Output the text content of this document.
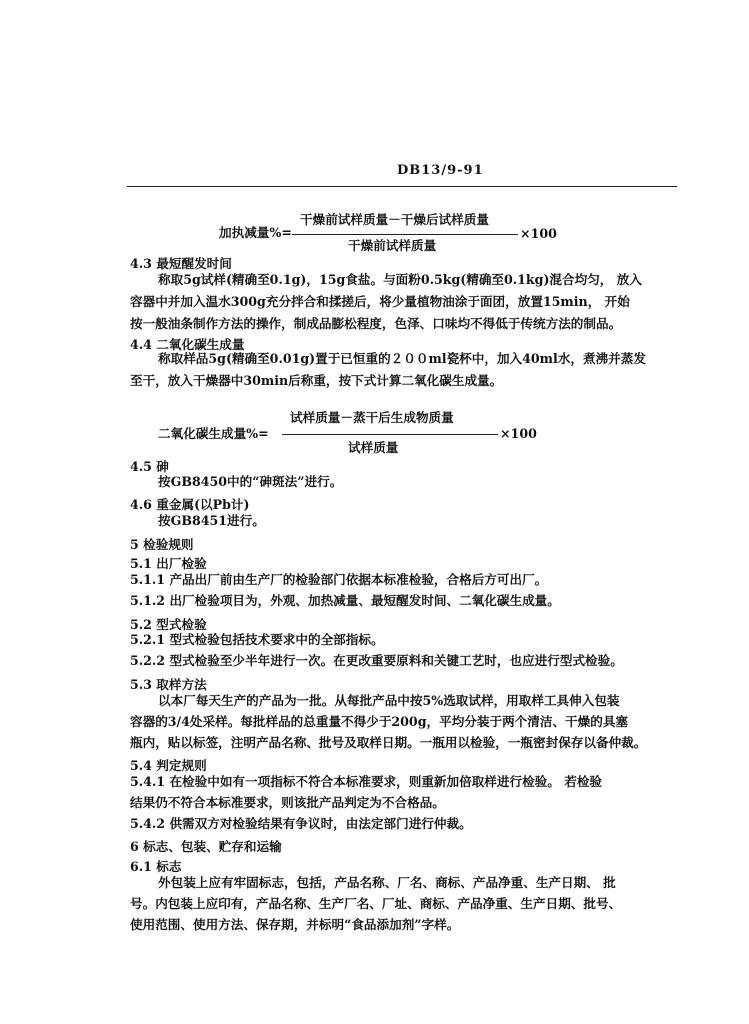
DB13/9-91
干燥前试样质量－干燥后试样质量
加执减量%=	×100
干燥前试样质量
4.3 最短醒发时间
称取5g试样(精确至0.1g)，15g食盐。与面粉0.5kg(精确至0.1kg)混合均匀， 放入
容器中并加入温水300g充分拌合和揉搓后，将少量植物油涂于面团，放置15min， 开始
按一般油条制作方法的操作，制成品膨松程度，色泽、口味均不得低于传统方法的制品。
4.4 二氧化碳生成量
称取样品5g(精确至0.01g)置于已恒重的２００ml瓷杯中，加入40ml水，煮沸并蒸发
至干，放入干燥器中30min后称重，按下式计算二氧化碳生成量。
试样质量－蒸干后生成物质量
二氧化碳生成量%=	×100
试样质量
4.5 砷
按GB8450中的“砷斑法”进行。
4.6 重金属(以Pb计)
按GB8451进行。
5 检验规则
5.1 出厂检验
5.1.1 产品出厂前由生产厂的检验部门依据本标准检验，合格后方可出厂。
5.1.2 出厂检验项目为，外观、加热减量、最短醒发时间、二氧化碳生成量。
5.2 型式检验
5.2.1 型式检验包括技术要求中的全部指标。
5.2.2 型式检验至少半年进行一次。在更改重要原料和关键工艺时，也应进行型式检验。
5.3 取样方法
以本厂每天生产的产品为一批。从每批产品中按5%选取试样，用取样工具伸入包装
容器的3/4处采样。每批样品的总重量不得少于200g，平均分装于两个清洁、干燥的具塞
瓶内，贴以标签，注明产品名称、批号及取样日期。一瓶用以检验，一瓶密封保存以备仲裁。
5.4 判定规则
5.4.1 在检验中如有一项指标不符合本标准要求，则重新加倍取样进行检验。 若检验
结果仍不符合本标准要求，则该批产品判定为不合格品。
5.4.2 供需双方对检验结果有争议时，由法定部门进行仲裁。
6 标志、包装、贮存和运输
6.1 标志
外包装上应有牢固标志，包括，产品名称、厂名、商标、产品净重、生产日期、 批
号。内包装上应印有，产品名称、生产厂名、厂址、商标、产品净重、生产日期、批号、
使用范围、使用方法、保存期，并标明“食品添加剂”字样。
